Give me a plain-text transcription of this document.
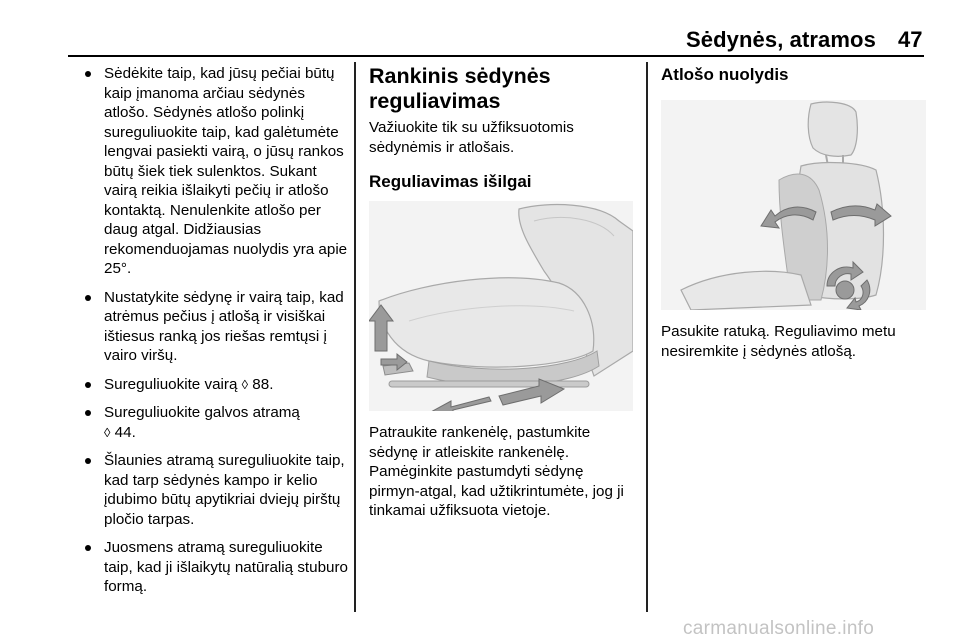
Sėdynės, atramos 47
Sėdėkite taip, kad jūsų pečiai būtų kaip įmanoma arčiau sėdynės atlošo. Sėdynės atlošo polinkį sureguliuokite taip, kad galėtumėte lengvai pasiekti vairą, o jūsų rankos būtų šiek tiek sulenktos. Sukant vairą reikia išlaikyti pečių ir atlošo kontaktą. Nenulenkite atlošo per daug atgal. Didžiausias rekomenduojamas nuolydis yra apie 25°.
Nustatykite sėdynę ir vairą taip, kad atrėmus pečius į atlošą ir visiškai ištiesus ranką jos riešas remtųsi į vairo viršų.
Sureguliuokite vairą ◊ 88.
Sureguliuokite galvos atramą
◊ 44.
Šlaunies atramą sureguliuokite taip, kad tarp sėdynės kampo ir kelio įdubimo būtų apytikriai dviejų pirštų pločio tarpas.
Juosmens atramą sureguliuokite taip, kad ji išlaikytų natūralią stuburo formą.
Rankinis sėdynės reguliavimas

Važiuokite tik su užfiksuotomis sėdynėmis ir atlošais.

Reguliavimas išilgai

Patraukite rankenėlę, pastumkite sėdynę ir atleiskite rankenėlę. Pamėginkite pastumdyti sėdynę pirmyn-atgal, kad užtikrintumėte, jog ji tinkamai užfiksuota vietoje.

Atlošo nuolydis

Pasukite ratuką. Reguliavimo metu nesiremkite į sėdynės atlošą.

carmanualsonline.info
